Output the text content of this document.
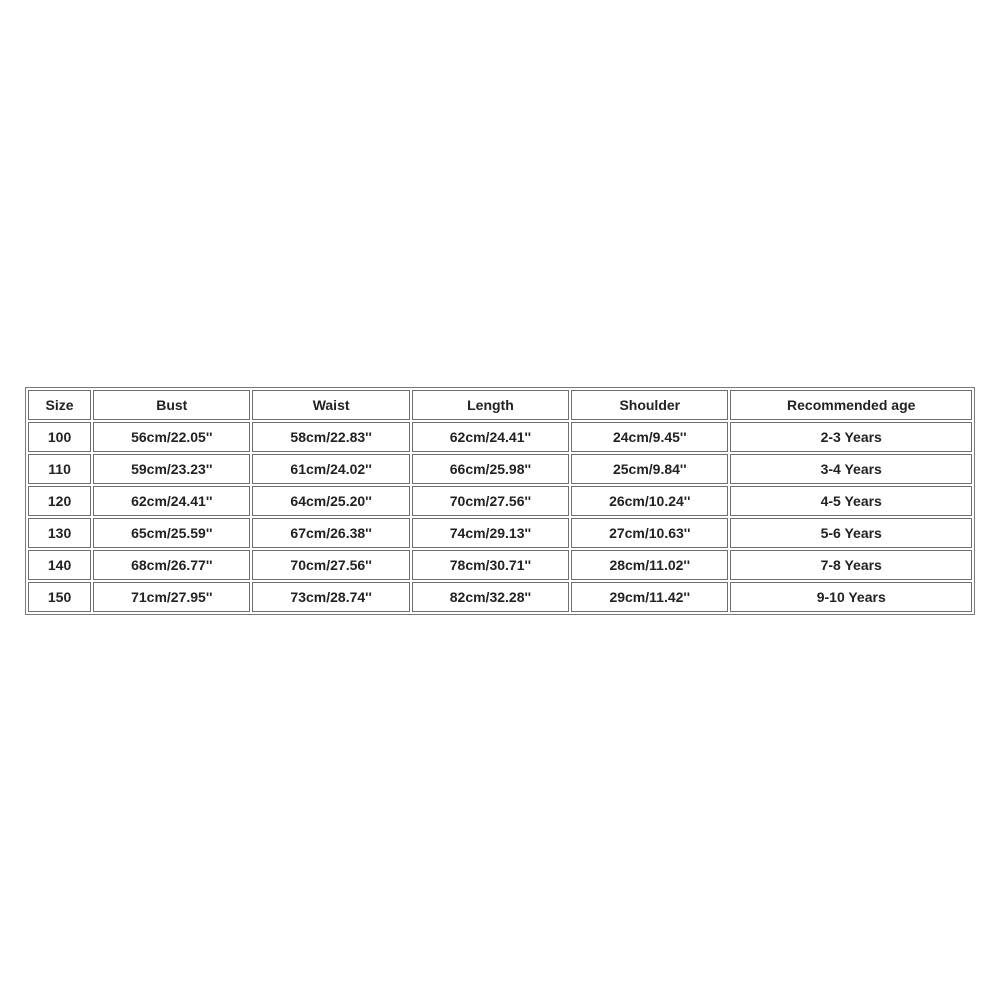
Size	Bust	Waist	Length	Shoulder	Recommended age
100	56cm/22.05''	58cm/22.83''	62cm/24.41''	24cm/9.45''	2-3 Years
110	59cm/23.23''	61cm/24.02''	66cm/25.98''	25cm/9.84''	3-4 Years
120	62cm/24.41''	64cm/25.20''	70cm/27.56''	26cm/10.24''	4-5 Years
130	65cm/25.59''	67cm/26.38''	74cm/29.13''	27cm/10.63''	5-6 Years
140	68cm/26.77''	70cm/27.56''	78cm/30.71''	28cm/11.02''	7-8 Years
150	71cm/27.95''	73cm/28.74''	82cm/32.28''	29cm/11.42''	9-10 Years
